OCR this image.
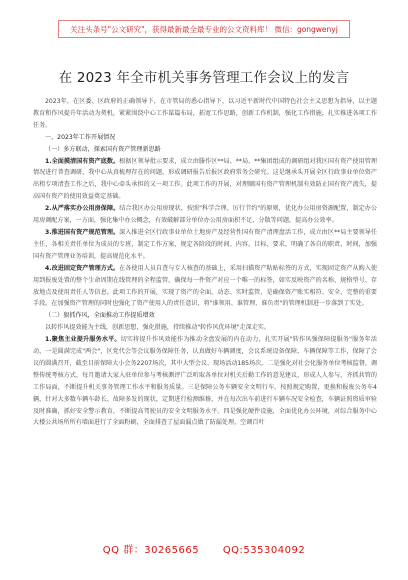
关注头条号"公文研究"，获得最新最全最专业的公文资料库！ 微信：gongwenyj
在 2023 年全市机关事务管理工作会议上的发言

2023年，在区委、区政府的正确领导下，在市管局的悉心指导下，以习近平新时代中国特色社会主义思想为指导，以主题教育和作风提升年活动为契机，紧紧围绕中心工作谋篇布局，拓宽工作思路，创新工作机制，强化工作措施，扎实推进各项工作任务。

一、2023年工作开展情况

（一）多方联动，探索国有资产管理新思路

1.全面摸清国有资产底数。根据区领导批示要求，成立由滕作区**局、**局、**集团组成的调研组对我区国有资产使用管理情况进行普查调研，我中心从真梳理存在的问题，形成调研报告后报区政府常务会研究。这是继承头开展全区行政事业单位资产出租专项清查工作之后，我中心牵头承担的又一项工作。此项工作的开展，对理顺国有资产管理机制有效防止国有资产流失，提高国有资产的使用效益奠定基础。

2.从严落实办公用房保障。结合我区办公用房现状，按照"科学合理、厉行节约"的原则，优化办公用房资源配置，制定办公用房调配方案，一方面，强化集中办公概念，有效破解部分单位办公用房面积不足、分散等问题，提高办公效率。

3.推进国有资产规范管理。深入推进全区行政事业单位土地房产及经营性国有资产清理盘活工作，成立由区**局主要领导任主任，各相关责任单位为成员的专班，制定工作方案，规定各阶段的时间、内容、目标、要求，明确了各自的职责、时间，加强国有资产管理业务培训，提高规范化水平。

4.改进固定资产管理方式。在各使用人员自查与专人核查的基础上，采用扫描资产粘贴标签的方式，实现固定资产从购入使用到报废处置的整个生命周期在线管理的全程监管，确保每一件资产对应一个唯一的标签，如实反映资产的名称、规格型号、存放地点及使用责任人等信息。此项工作的开展，实现了资产的全面、动态、实时监管，是确保资产账实相符、安全、完整的重要手段。在加强资产管理的同时也强化了资产使用人的责任意识，将"谁领用、谁管理、谁负责"的管理机制进一步落到了实处。

（二）狠抓作风，全面推动工作提质增效

以转作风提效能为主线，创新思想，强化措施，持续推动"转作风优环境"走深走实。

1.聚焦主业提升服务水平。切实将提升作风效能作为推动全盘发展的内在动力，扎实开展"转作风强保障提服务"服务年活动，一是圆满完成"两会"，区党代会等会议服务保障任务，认真做好车辆调度，会议系统设备保障、车辆保障等工作，保障了会议的圆满召开，截至目前保障大小会务2207场次，其中大型会议、现场活动185场次。二是强化对社会化服务单位考核监督，调整传统考核方式，每月邀请大家入驻单位参与考核测评广泛听取各单位对机关后勤工作的意见建议，形成人人参与，齐抓共管的工作局面，不断提升机关事务管理工作水平和服务质量。三是保障公务车辆安全文明行车，按照规定购置，更换和报废公务车4辆，针对大多数车辆车龄长、故障多发的现状，定期进行检测维修，并在每次出车前进行车辆车况安全检查，车辆证照资质审验及时准确，抓好安全警示教育，不断提高驾驶员的安全文明服务水平。四是强化硬件设施，全面优化办公环境，对综合服务中心大楼公共场所所有墙面进行了全面粉刷，全面排查了屋面漏点做了防漏处理，空调百叶

QQ 群：30265665 QQ:535304092
